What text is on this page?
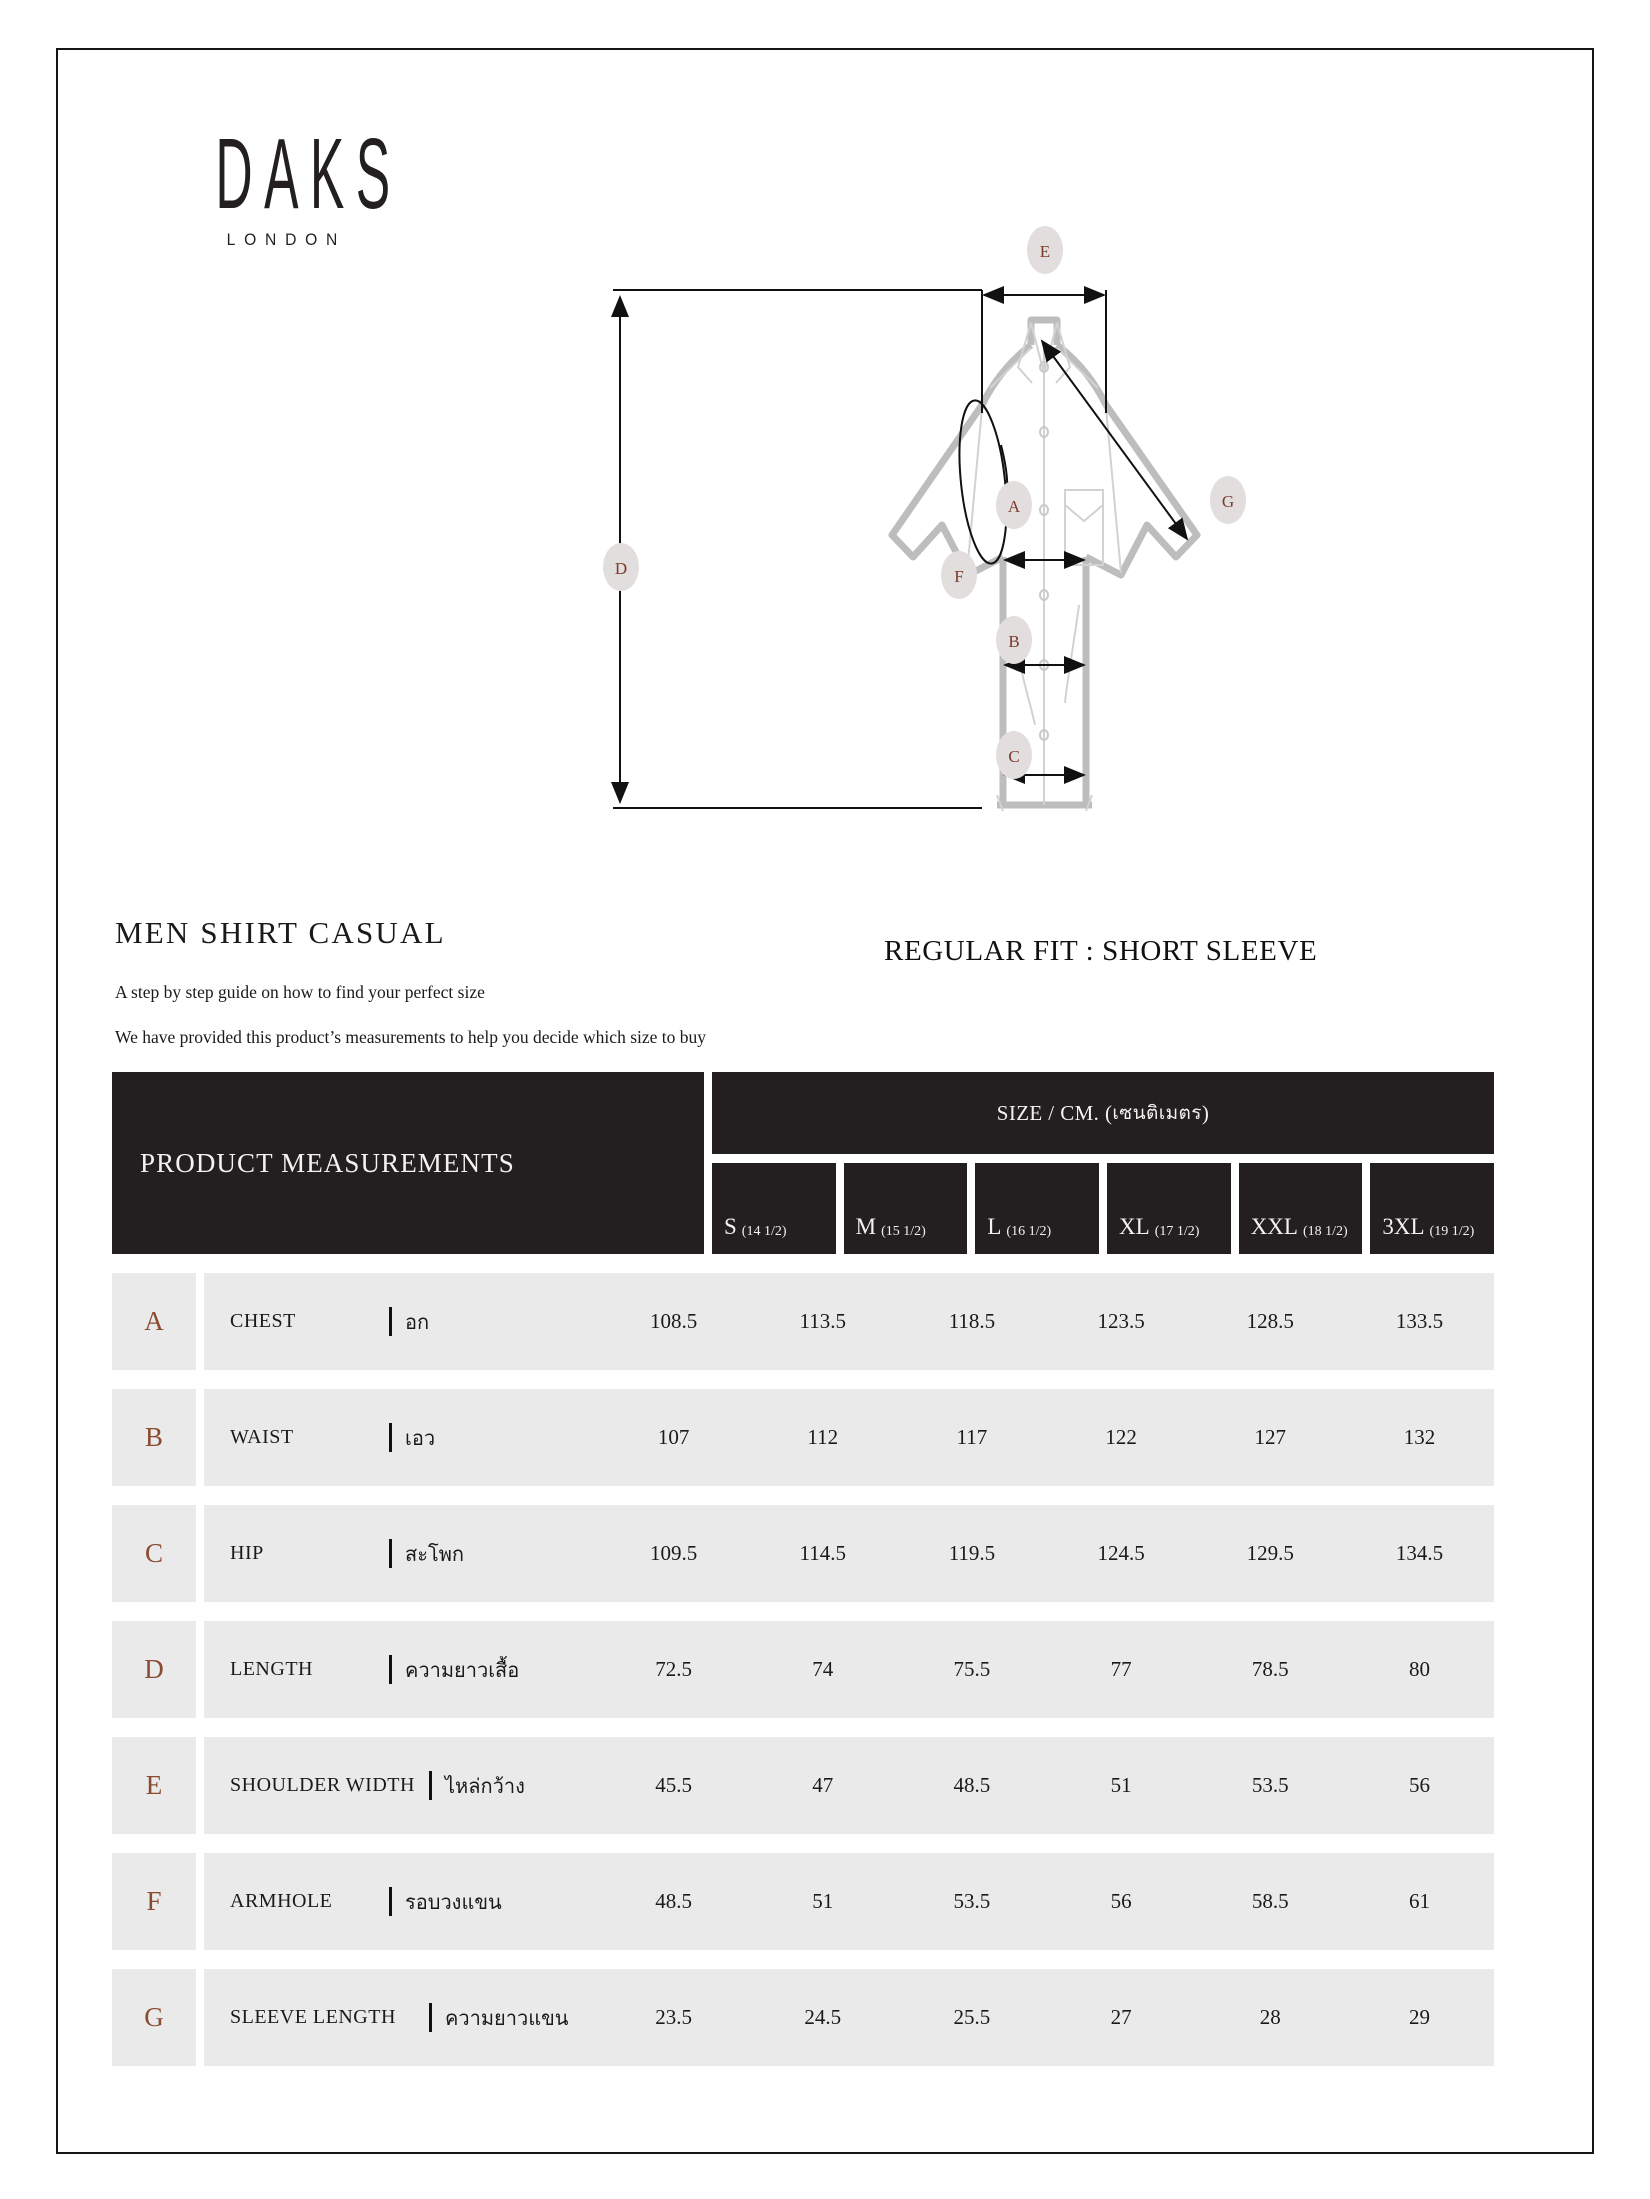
DAKS
LONDON
E
G
F
A
B
C
D
MEN SHIRT CASUAL
A step by step guide on how to find your perfect size
We have provided this product’s measurements to help you decide which size to buy
REGULAR FIT : SHORT SLEEVE
PRODUCT MEASUREMENTS
SIZE / CM. ( เซนติเมตร )
S (14 1/2)	M (15 1/2)	L (16 1/2)	XL (17 1/2) XXL (18 1/2) 3XL (19 1/2)
A	CHEST	อก	108.5	113.5	118.5	123.5	128.5	133.5
B	WAIST	เอว	107	112	117	122	127	132
C	HIP	สะโพก	109.5	114.5	119.5	124.5	129.5	134.5
D	LENGTH	ความยาวเสื้อ	72.5	74	75.5	77	78.5	80
E	SHOULDER WIDTH	ไหล่กว้าง	45.5	47	48.5	51	53.5	56
F	ARMHOLE	รอบวงแขน	48.5	51	53.5	56	58.5	61
G	SLEEVE LENGTH	ความยาวแขน	23.5	24.5	25.5	27	28	29
